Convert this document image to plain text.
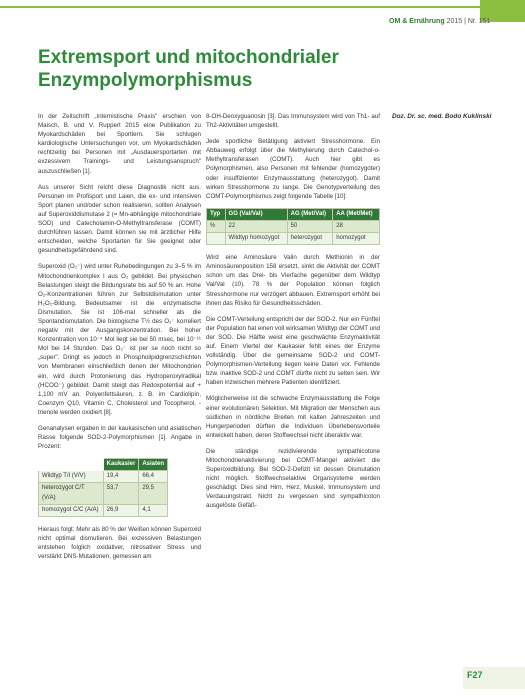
OM & Ernährung 2015 | Nr. 151
Extremsport und mitochondrialer Enzympolymorphismus
Doz. Dr. sc. med. Bodo Kuklinski

In der Zeitschrift „Internistische Praxis" erschien von Maisch, B. und V. Ruppert 2015 eine Publikation zu Myokardschäden bei Sportlern. Sie schlugen kardiologische Untersuchungen vor, um Myokardschäden rechtzeitig bei Personen mit „Ausdauersportarten mit exzessivem Trainings- und Leistungsanspruch" auszuschließen [1].

Aus unserer Sicht reicht diese Diagnostik nicht aus. Personen im Profisport und Laien, die ex- und intensiven Sport planen und/oder schon realisieren, sollten Analysen auf Superoxiddismutase 2 (= Mn-abhängige mitochondriale SOD) und Catecholamin-O-Methyltransferase (COMT) durchführen lassen. Damit können sie mit ärztlicher Hilfe entscheiden, welche Sportarten für Sie geeignet oder gesundheitsgefährdend sind.

Superoxid (O₂⁻) wird unter Ruhebedingungen zu 3–5 % im Mitochondrienkomplex I aus O₂ gebildet. Bei physischen Belastungen steigt die Bildungsrate bis auf 50 % an. Hohe O₂-Konzentrationen führen zur Selbstdismutation unter H₂O₂-Bildung. Bedeutsamer ist die enzymatische Dismutation. Sie ist 106-mal schneller als die Spontandismutation. Die biologische T½ des O₂⁻ korreliert negativ mit der Ausgangskonzentration. Bei hoher Konzentration von 10⁻⁴ Mol liegt sie bei 50 msec, bei 10⁻¹¹ Mol bei 14 Stunden. Das O₂⁻ ist per se noch nicht so „super". Dringt es jedoch in Phospholipidgrenzschichten von Membranen einschließlich denen der Mitochondrien ein, wird durch Protonierung das Hydroperoxylradikal (HCOO⁻) gebildet. Damit steigt das Redoxpotential auf + 1,100 mV an. Polyenfettsäuren, z. B. im Cardiolipin, Coenzym Q10, Vitamin C, Cholesterol und Tocopherol, -trienole werden oxidiert [8].

Genanalysen ergaben in der kaukasischen und asiatischen Rasse folgende SOD-2-Polymorphismen [1]. Angabe in Prozent:

	Kaukasier	Asiaten
Wildtyp T/I (V/V)	19,4	66,4
heterozygot C/T (V/A)	53,7	29,5
homozygot C/C (A/A)	26,9	4,1

Hieraus folgt: Mehr als 80 % der Weißen können Superoxid nicht optimal dismutieren. Bei exzessiven Belastungen entstehen folglich oxidativer, nitrosativer Stress und verstärkt DNS-Mutationen, gemessen am

8-OH-Deoxyguanosin [3]. Das Immunsystem wird von Th1- auf Th2-Aktivitäten umgestellt.

Jede sportliche Betätigung aktiviert Stresshormone. Ein Abbauweg erfolgt über die Methylierung durch Catechol-o-Methyltransferasen (COMT). Auch hier gibt es Polymorphismen, also Personen mit fehlender (homozygoter) oder insuffizienter Enzymausstattung (heterozygot). Damit wirken Stresshormone zu lange. Die Genotypverteilung des COMT-Polymorphismus zeigt folgende Tabelle [10]:

Typ	GG (Val/Val)	AG (Met/Val)	AA (Met/Met)
%	22	50	28
	Wildtyp homozygot	heterozygot	homozygot

Wird eine Aminosäure Valin durch Methionin in der Aminosäurenposition 158 ersetzt, sinkt die Aktivität der COMT schon um das Drei- bis Vierfache gegenüber dem Wildtyp Val/Val (10). 78 % der Population können folglich Stresshormone nur verzögert abbauen. Extremsport erhöht bei ihnen das Risiko für Gesundheitsschäden.

Die COMT-Verteilung entspricht der der SOD-2. Nur ein Fünftel der Population hat einen voll wirksamen Wildtyp der COMT und der SOD. Die Hälfte weist eine geschwächte Enzymaktivität auf. Einem Viertel der Kaukasier fehlt eines der Enzyme vollständig. Über die gemeinsame SOD-2 und COMT-Polymorphismen-Verteilung liegen keine Daten vor. Fehlende bzw. inaktive SOD-2 und COMT dürfte nicht zu selten sein. Wir haben inzwischen mehrere Patienten identifiziert.

Möglicherweise ist die schwache Enzymausstattung die Folge einer evolutionären Selektion. Mit Migration der Menschen aus südlichen in nördliche Breiten mit kalten Jahreszeiten und Hungerperioden dürften die Individuen Überlebensvorteile entwickelt haben, deren Stoffwechsel nicht überaktiv war.

Die ständige rezidivierende sympathicotone Mitochondrienaktivierung bei COMT-Mangel aktiviert die Superoxidbildung. Bei SOD-2-Defizit ist dessen Dismutation nicht möglich. Stoffwechselaktive Organsysteme werden geschädigt. Dies sind Hirn, Herz, Muskel, Immunsystem und Verdauungstrakt. Nicht zu vergessen sind sympathicoton ausgelöste Gefäß-

F27
